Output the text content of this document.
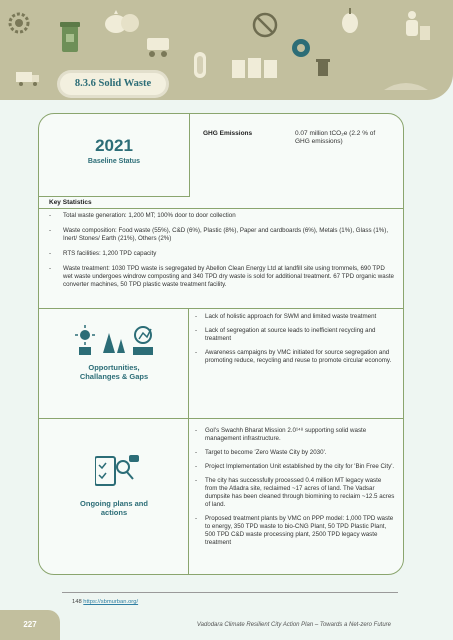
8.3.6 Solid Waste
2021
Baseline Status
GHG Emissions	0.07 million tCO₂e (2.2 % of GHG emissions)
Key Statistics
- Total waste generation: 1,200 MT; 100% door to door collection
- Waste composition: Food waste (55%), C&D (6%), Plastic (8%), Paper and cardboards (6%), Metals (1%), Glass (1%), Inert/ Stones/ Earth (21%), Others (2%)
- RTS facilities: 1,200 TPD capacity
- Waste treatment: 1030 TPD waste is segregated by Abellon Clean Energy Ltd at landfill site using trommels, 690 TPD wet waste undergoes windrow composting and 340 TPD dry waste is sold for additional treatment. 67 TPD organic waste converter machines, 50 TPD plastic waste treatment facility.
Opportunities, Challanges & Gaps
- Lack of holistic approach for SWM and limited waste treatment
- Lack of segregation at source leads to inefficient recycling and treatment
- Awareness campaigns by VMC initiated for source segregation and promoting reduce, recycling and reuse to promote circular economy.
Ongoing plans and actions
- GoI's Swachh Bharat Mission 2.0¹⁴⁸ supporting solid waste management infrastructure.
- Target to become 'Zero Waste City by 2030'.
- Project Implementation Unit established by the city for 'Bin Free City'.
- The city has successfully processed 0.4 million MT legacy waste from the Atladra site, reclaimed ~17 acres of land. The Vadsar dumpsite has been cleaned through biomining to reclaim ~12.5 acres of land.
- Proposed treatment plants by VMC on PPP model: 1,000 TPD waste to energy, 350 TPD waste to bio-CNG Plant, 50 TPD Plastic Plant, 500 TPD C&D waste processing plant, 2500 TPD legacy waste treatment
148 https://sbmurban.org/
227	Vadodara Climate Resilient City Action Plan – Towards a Net-zero Future
